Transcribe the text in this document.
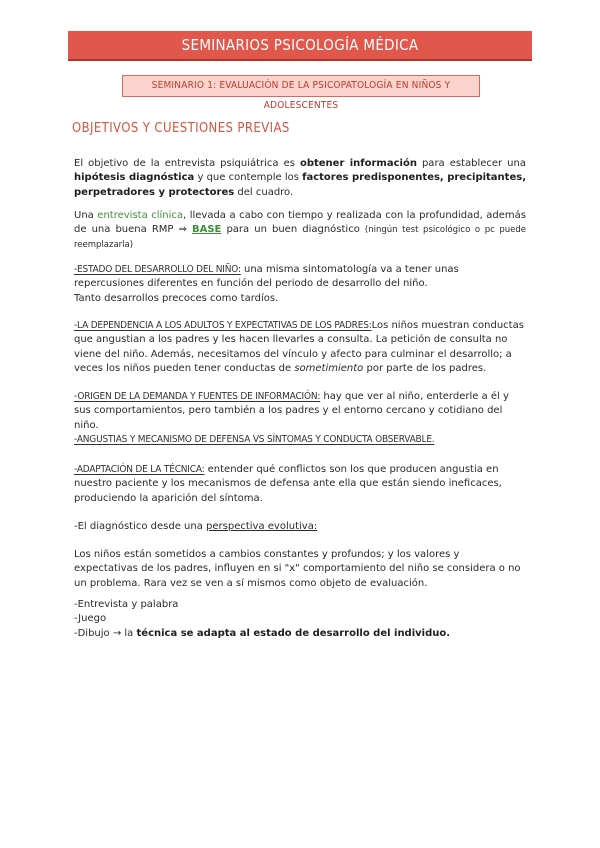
SEMINARIOS PSICOLOGÍA MÉDICA
SEMINARIO 1: EVALUACIÓN DE LA PSICOPATOLOGÍA EN NIÑOS Y ADOLESCENTES
OBJETIVOS Y CUESTIONES PREVIAS
El objetivo de la entrevista psiquiátrica es obtener información para establecer una hipótesis diagnóstica y que contemple los factores predisponentes, precipitantes, perpetradores y protectores del cuadro.
Una entrevista clínica, llevada a cabo con tiempo y realizada con la profundidad, además de una buena RMP ⇒ BASE para un buen diagnóstico (ningún test psicológico o pc puede reemplazarla)
-ESTADO DEL DESARROLLO DEL NIÑO: una misma sintomatología va a tener unas repercusiones diferentes en función del periodo de desarrollo del niño.
Tanto desarrollos precoces como tardíos.
-LA DEPENDENCIA A LOS ADULTOS Y EXPECTATIVAS DE LOS PADRES:Los niños muestran conductas que angustian a los padres y les hacen llevarles a consulta. La petición de consulta no viene del niño. Además, necesitamos del vínculo y afecto para culminar el desarrollo; a veces los niños pueden tener conductas de sometimiento por parte de los padres.
-ORIGEN DE LA DEMANDA Y FUENTES DE INFORMACIÓN: hay que ver al niño, enterderle a él y sus comportamientos, pero también a los padres y el entorno cercano y cotidiano del niño.
-ANGUSTIAS Y MECANISMO DE DEFENSA VS SÍNTOMAS Y CONDUCTA OBSERVABLE.
-ADAPTACIÓN DE LA TÉCNICA: entender qué conflictos son los que producen angustia en nuestro paciente y los mecanismos de defensa ante ella que están siendo ineficaces, produciendo la aparición del síntoma.
-El diagnóstico desde una perspectiva evolutiva:
Los niños están sometidos a cambios constantes y profundos; y los valores y expectativas de los padres, influyen en si "x" comportamiento del niño se considera o no un problema. Rara vez se ven a sí mismos como objeto de evaluación.
-Entrevista y palabra
-Juego
-Dibujo → la técnica se adapta al estado de desarrollo del individuo.
